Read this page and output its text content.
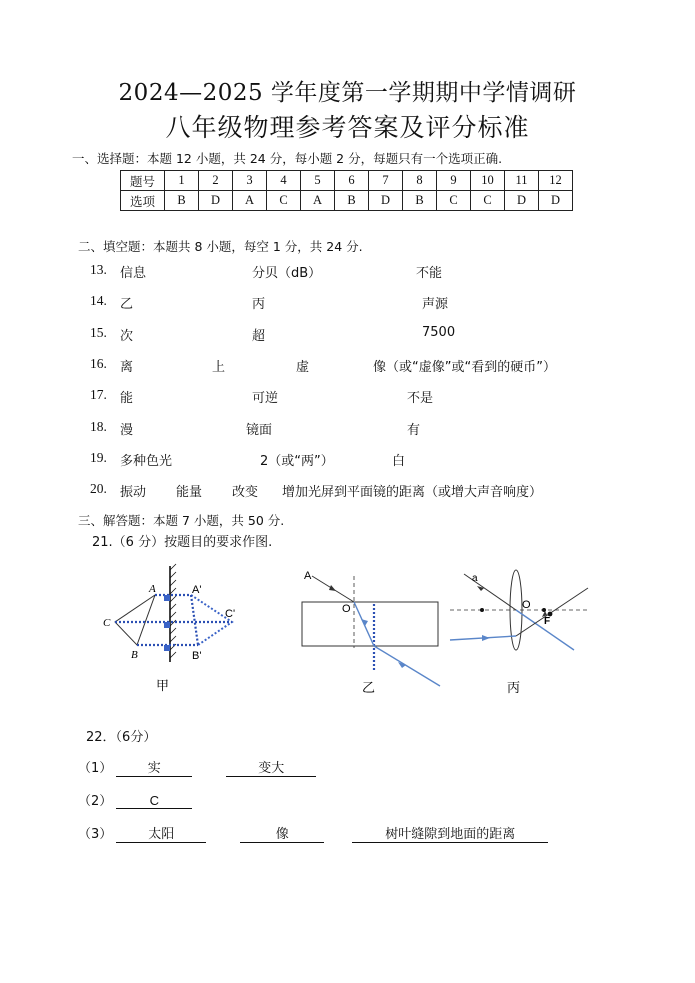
2024—2025 学年度第一学期期中学情调研
八年级物理参考答案及评分标准
一、选择题：本题 12 小题，共 24 分，每小题 2 分，每题只有一个选项正确.
题号	1	2	3	4	5	6	7	8	9	10	11	12
选项	B	D	A	C	A	B	D	B	C	C	D	D
二、填空题：本题共 8 小题，每空 1 分，共 24 分.
13. 信息	分贝（dB）	不能
14. 乙	丙	声源
15. 次	超	7500
16. 离	上	虚	像（或“虚像”或“看到的硬币”）
17. 能	可逆	不是
18. 漫	镜面	有
19. 多种色光	2（或“两”）	白
20. 振动 能量 改变 增加光屏到平面镜的距离（或增大声音响度）
三、解答题：本题 7 小题，共 50 分.
21.（6 分）按题目的要求作图.
A
C
B
A'
C'
B'
甲
A
O
乙
a
O
F
丙
22．（6分）
（1）	实	变大
（2）	C
（3）	太阳	像	树叶缝隙到地面的距离
